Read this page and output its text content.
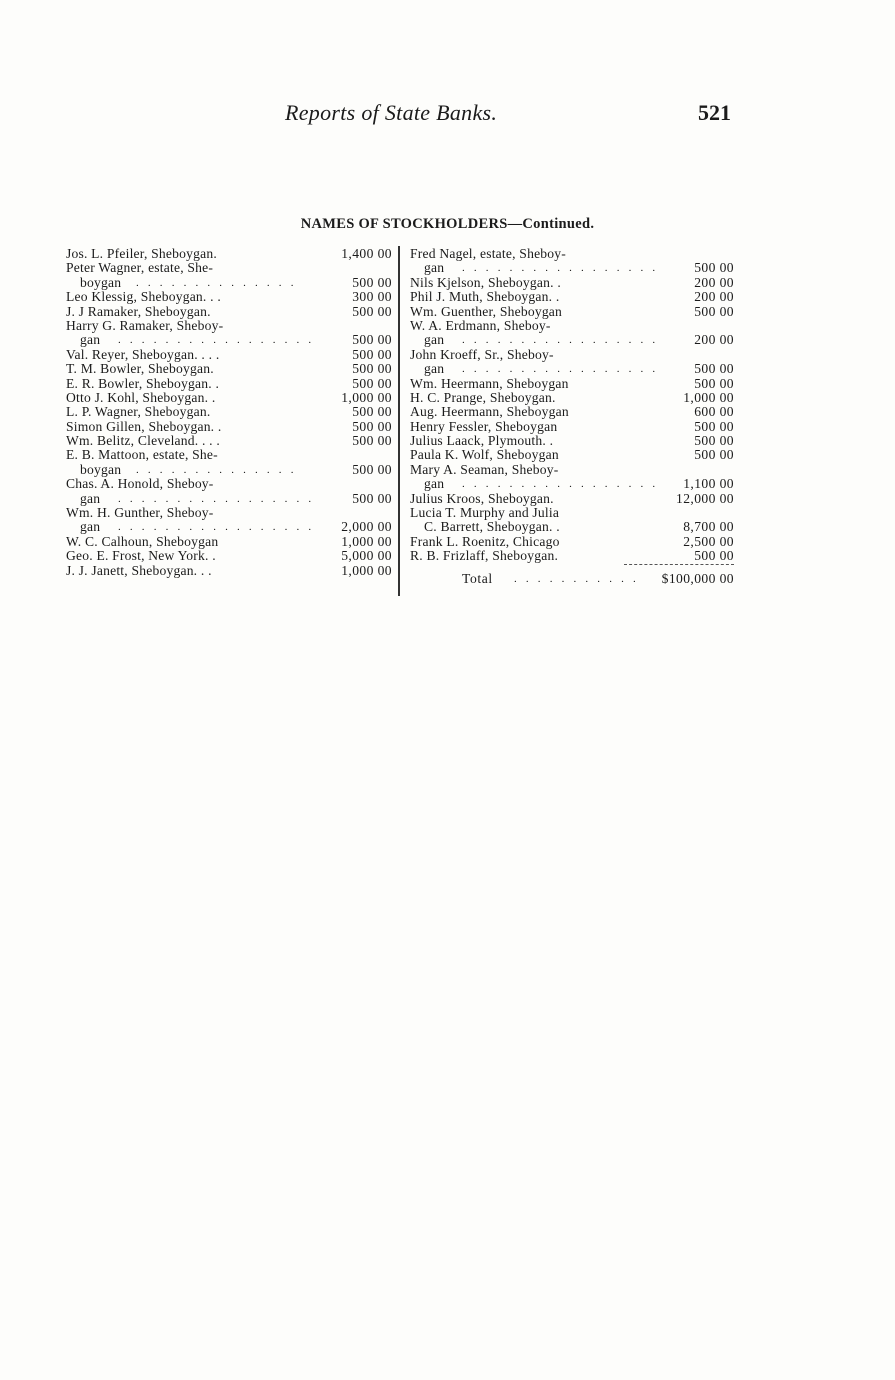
Reports of State Banks.	521
NAMES OF STOCKHOLDERS—Continued.
Jos. L. Pfeiler, Sheboygan.	1,400 00
Peter Wagner, estate, She-
boygan . . . . . . . . . . . . . .	500 00
Leo Klessig, Sheboygan. . .	300 00
J. J Ramaker, Sheboygan.	500 00
Harry G. Ramaker, Sheboy-
gan . . . . . . . . . . . . . . . . .	500 00
Val. Reyer, Sheboygan. . . .	500 00
T. M. Bowler, Sheboygan.	500 00
E. R. Bowler, Sheboygan. .	500 00
Otto J. Kohl, Sheboygan. .	1,000 00
L. P. Wagner, Sheboygan.	500 00
Simon Gillen, Sheboygan. .	500 00
Wm. Belitz, Cleveland. . . .	500 00
E. B. Mattoon, estate, She-
boygan . . . . . . . . . . . . . .	500 00
Chas. A. Honold, Sheboy-
gan . . . . . . . . . . . . . . . . .	500 00
Wm. H. Gunther, Sheboy-
gan . . . . . . . . . . . . . . . . . 2,000 00
W. C. Calhoun, Sheboygan	1,000 00
Geo. E. Frost, New York. .	5,000 00
J. J. Janett, Sheboygan. . .	1,000 00
Fred Nagel, estate, Sheboy-
gan . . . . . . . . . . . . . . . . .	500 00
Nils Kjelson, Sheboygan. .	200 00
Phil J. Muth, Sheboygan. .	200 00
Wm. Guenther, Sheboygan	500 00
W. A. Erdmann, Sheboy-
gan . . . . . . . . . . . . . . . . .	200 00
John Kroeff, Sr., Sheboy-
gan . . . . . . . . . . . . . . . . .	500 00
Wm. Heermann, Sheboygan	500 00
H. C. Prange, Sheboygan.	1,000 00
Aug. Heermann, Sheboygan	600 00
Henry Fessler, Sheboygan	500 00
Julius Laack, Plymouth. .	500 00
Paula K. Wolf, Sheboygan	500 00
Mary A. Seaman, Sheboy-
gan . . . . . . . . . . . . . . . . . 1,100 00
Julius Kroos, Sheboygan.	12,000 00
Lucia T. Murphy and Julia
C. Barrett, Sheboygan. .	8,700 00
Frank L. Roenitz, Chicago	2,500 00
R. B. Frizlaff, Sheboygan.	500 00
Total . . . . . . . . . . . $100,000 00
